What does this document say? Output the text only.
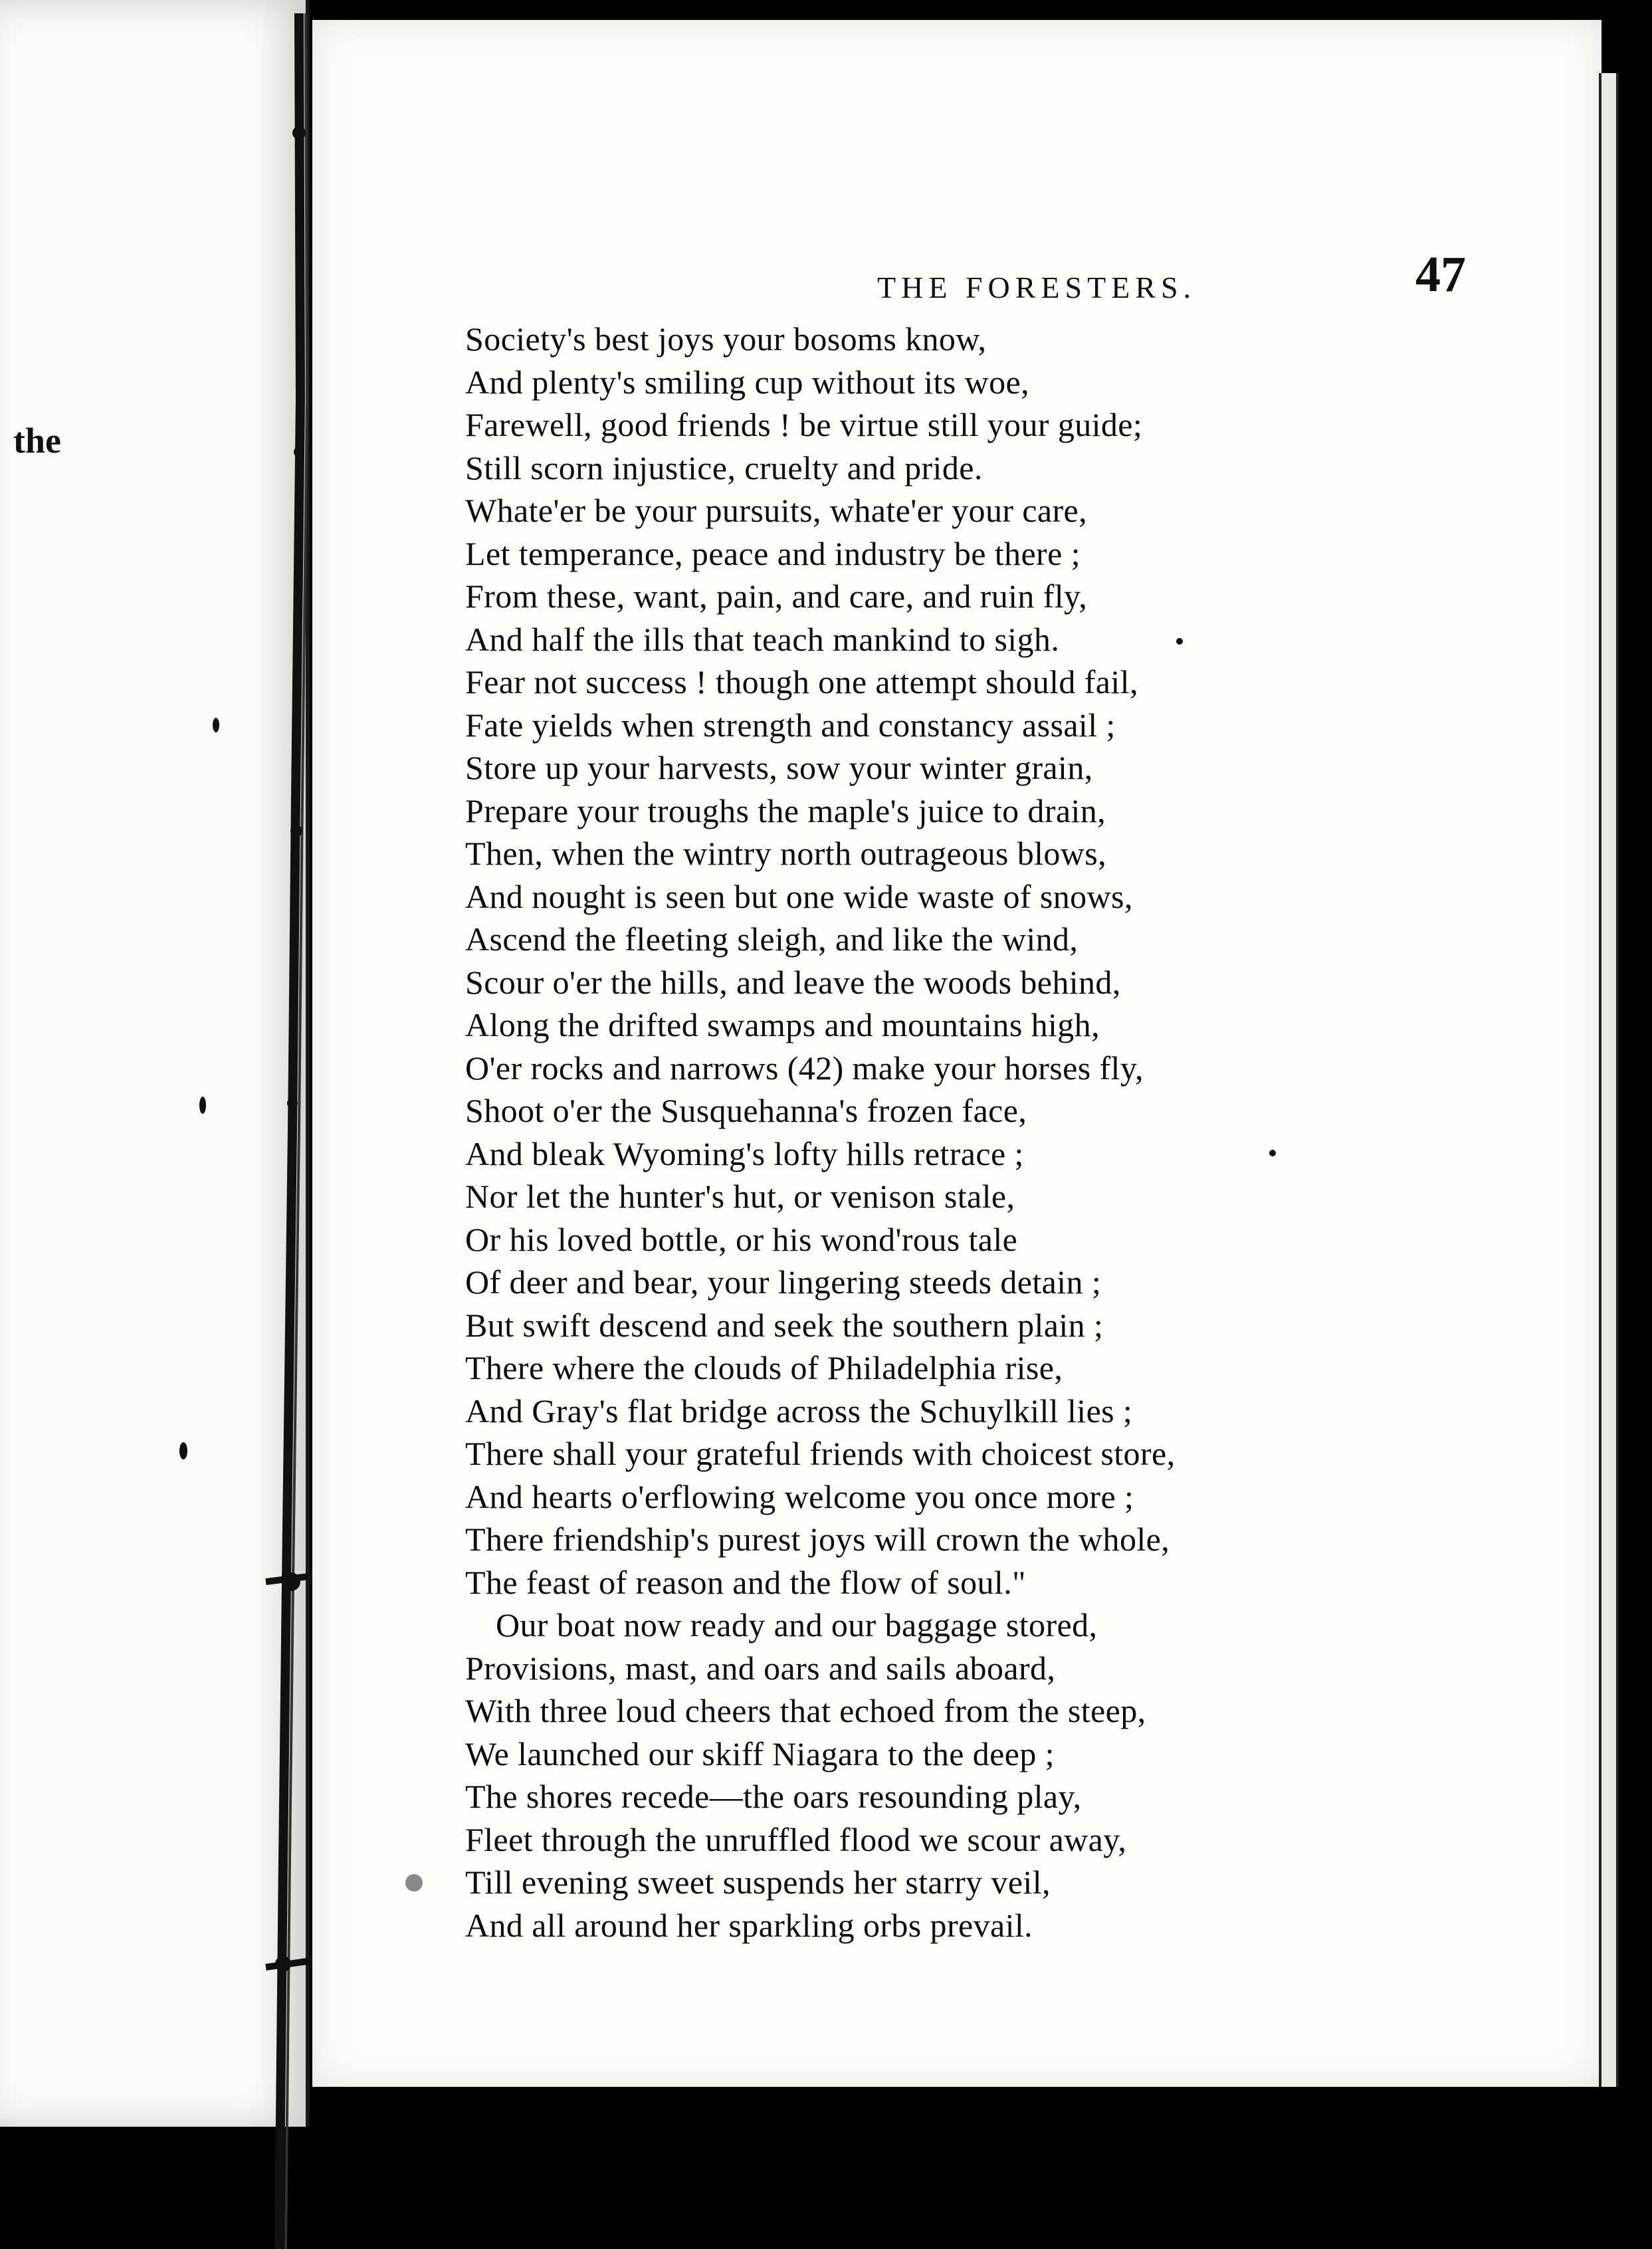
the
THE FORESTERS.	47
Society's best joys your bosoms know,
And plenty's smiling cup without its woe,
Farewell, good friends ! be virtue still your guide;
Still scorn injustice, cruelty and pride.
Whate'er be your pursuits, whate'er your care,
Let temperance, peace and industry be there ;
From these, want, pain, and care, and ruin fly,
And half the ills that teach mankind to sigh.
Fear not success ! though one attempt should fail,
Fate yields when strength and constancy assail ;
Store up your harvests, sow your winter grain,
Prepare your troughs the maple's juice to drain,
Then, when the wintry north outrageous blows,
And nought is seen but one wide waste of snows,
Ascend the fleeting sleigh, and like the wind,
Scour o'er the hills, and leave the woods behind,
Along the drifted swamps and mountains high,
O'er rocks and narrows (42) make your horses fly,
Shoot o'er the Susquehanna's frozen face,
And bleak Wyoming's lofty hills retrace ;
Nor let the hunter's hut, or venison stale,
Or his loved bottle, or his wond'rous tale
Of deer and bear, your lingering steeds detain ;
But swift descend and seek the southern plain ;
There where the clouds of Philadelphia rise,
And Gray's flat bridge across the Schuylkill lies ;
There shall your grateful friends with choicest store,
And hearts o'erflowing welcome you once more ;
There friendship's purest joys will crown the whole,
The feast of reason and the flow of soul."
Our boat now ready and our baggage stored,
Provisions, mast, and oars and sails aboard,
With three loud cheers that echoed from the steep,
We launched our skiff Niagara to the deep ;
The shores recede—the oars resounding play,
Fleet through the unruffled flood we scour away,
Till evening sweet suspends her starry veil,
And all around her sparkling orbs prevail.
